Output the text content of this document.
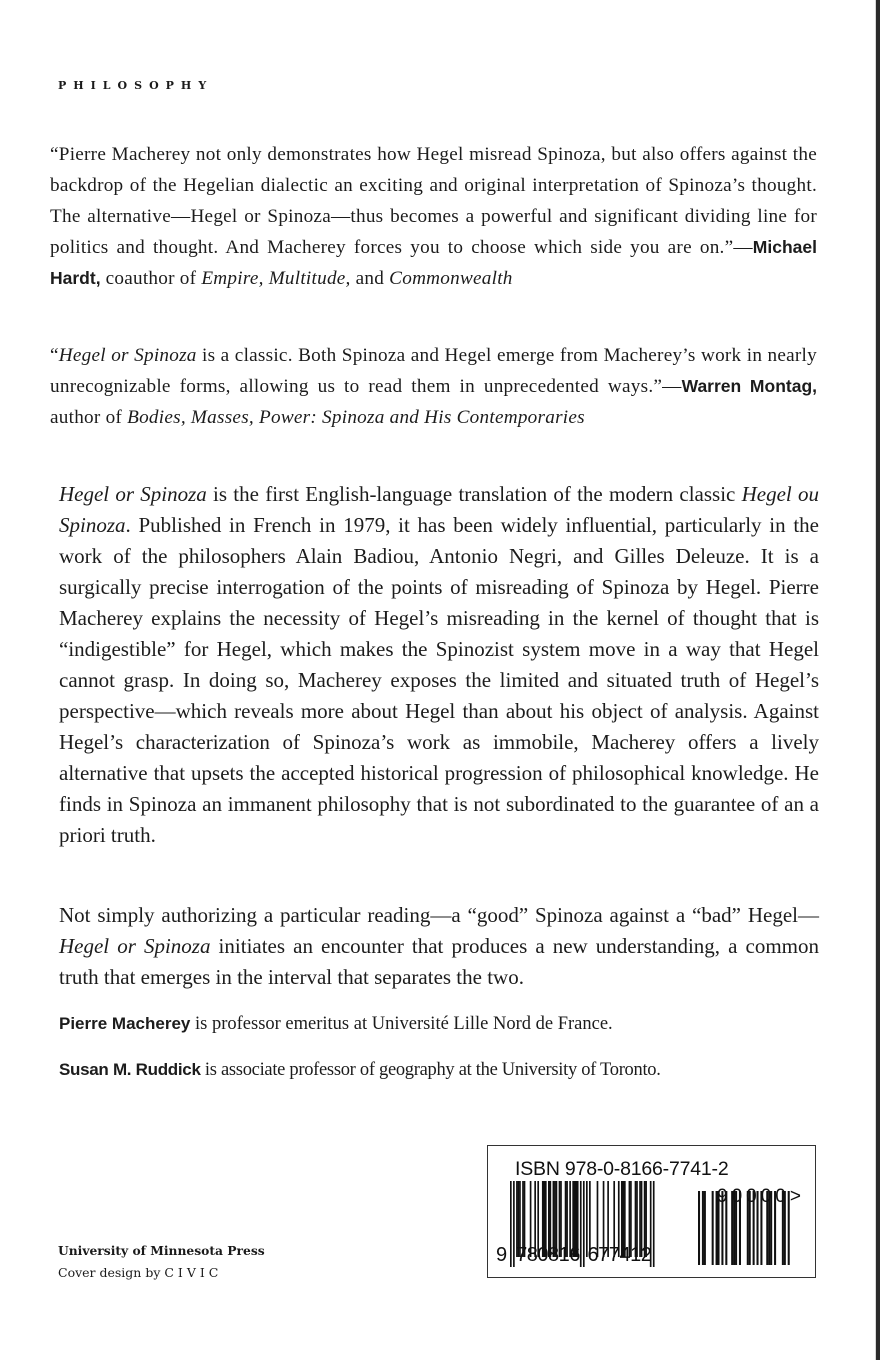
PHILOSOPHY
“Pierre Macherey not only demonstrates how Hegel misread Spinoza, but also offers against the backdrop of the Hegelian dialectic an exciting and original interpretation of Spinoza’s thought. The alternative—Hegel or Spinoza—thus becomes a powerful and significant dividing line for politics and thought. And Macherey forces you to choose which side you are on.”—Michael Hardt, coauthor of Empire, Multitude, and Commonwealth
“Hegel or Spinoza is a classic. Both Spinoza and Hegel emerge from Macherey’s work in nearly unrecognizable forms, allowing us to read them in unprecedented ways.”—Warren Montag, author of Bodies, Masses, Power: Spinoza and His Contemporaries
Hegel or Spinoza is the first English-language translation of the modern classic Hegel ou Spinoza. Published in French in 1979, it has been widely influential, particularly in the work of the philosophers Alain Badiou, Antonio Negri, and Gilles Deleuze. It is a surgically precise interrogation of the points of misreading of Spinoza by Hegel. Pierre Macherey explains the necessity of Hegel’s misreading in the kernel of thought that is “indigestible” for Hegel, which makes the Spinozist system move in a way that Hegel cannot grasp. In doing so, Macherey exposes the limited and situated truth of Hegel’s perspective—which reveals more about Hegel than about his object of analysis. Against Hegel’s characterization of Spinoza’s work as immobile, Macherey offers a lively alternative that upsets the accepted historical progression of philosophical knowledge. He finds in Spinoza an immanent philosophy that is not subordinated to the guarantee of an a priori truth.
Not simply authorizing a particular reading—a “good” Spinoza against a “bad” Hegel—Hegel or Spinoza initiates an encounter that produces a new understanding, a common truth that emerges in the interval that separates the two.
Pierre Macherey is professor emeritus at Université Lille Nord de France.
Susan M. Ruddick is associate professor of geography at the University of Toronto.
University of Minnesota Press
Cover design by C I V I C
ISBN 978-0-8166-7741-2
90000>
9 7 8 0 8 1 6 6 7 7 4 1 2
